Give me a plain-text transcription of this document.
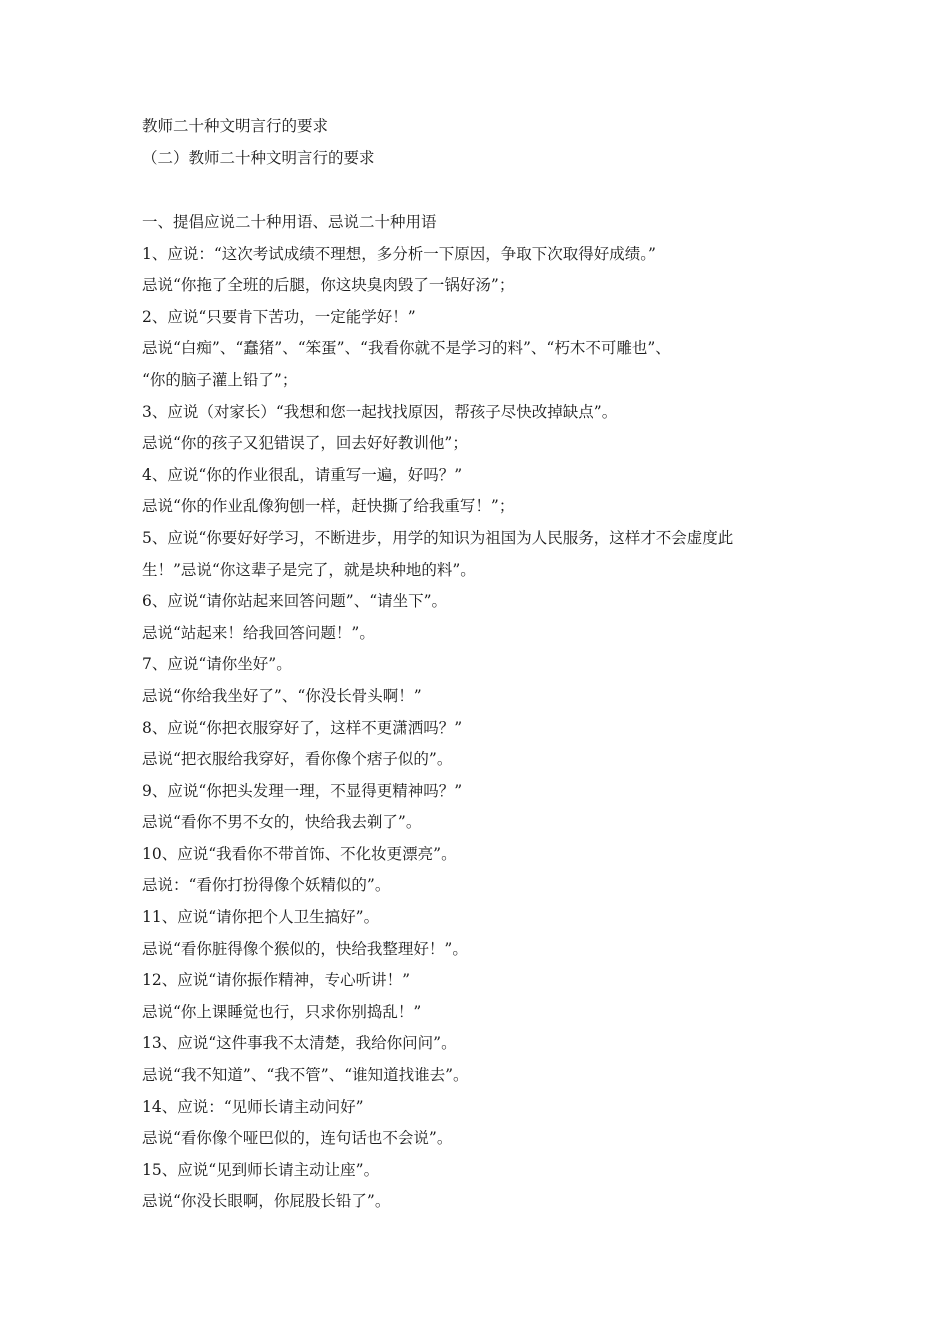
教师二十种文明言行的要求
（二）教师二十种文明言行的要求
一、提倡应说二十种用语、忌说二十种用语
1、应说：“这次考试成绩不理想，多分析一下原因，争取下次取得好成绩。”
忌说“你拖了全班的后腿，你这块臭肉毁了一锅好汤”；
2、应说“只要肯下苦功，一定能学好！”
忌说“白痴”、“蠢猪”、“笨蛋”、“我看你就不是学习的料”、“朽木不可雕也”、
“你的脑子灌上铅了”；
3、应说（对家长）“我想和您一起找找原因，帮孩子尽快改掉缺点”。
忌说“你的孩子又犯错误了，回去好好教训他”；
4、应说“你的作业很乱，请重写一遍，好吗？”
忌说“你的作业乱像狗刨一样，赶快撕了给我重写！”；
5、应说“你要好好学习，不断进步，用学的知识为祖国为人民服务，这样才不会虚度此
生！”忌说“你这辈子是完了，就是块种地的料”。
6、应说“请你站起来回答问题”、“请坐下”。
忌说“站起来！给我回答问题！”。
7、应说“请你坐好”。
忌说“你给我坐好了”、“你没长骨头啊！”
8、应说“你把衣服穿好了，这样不更潇洒吗？”
忌说“把衣服给我穿好，看你像个痞子似的”。
9、应说“你把头发理一理，不显得更精神吗？”
忌说“看你不男不女的，快给我去剃了”。
10、应说“我看你不带首饰、不化妆更漂亮”。
忌说：“看你打扮得像个妖精似的”。
11、应说“请你把个人卫生搞好”。
忌说“看你脏得像个猴似的，快给我整理好！”。
12、应说“请你振作精神，专心听讲！”
忌说“你上课睡觉也行，只求你别捣乱！”
13、应说“这件事我不太清楚，我给你问问”。
忌说“我不知道”、“我不管”、“谁知道找谁去”。
14、应说：“见师长请主动问好”
忌说“看你像个哑巴似的，连句话也不会说”。
15、应说“见到师长请主动让座”。
忌说“你没长眼啊，你屁股长铅了”。
